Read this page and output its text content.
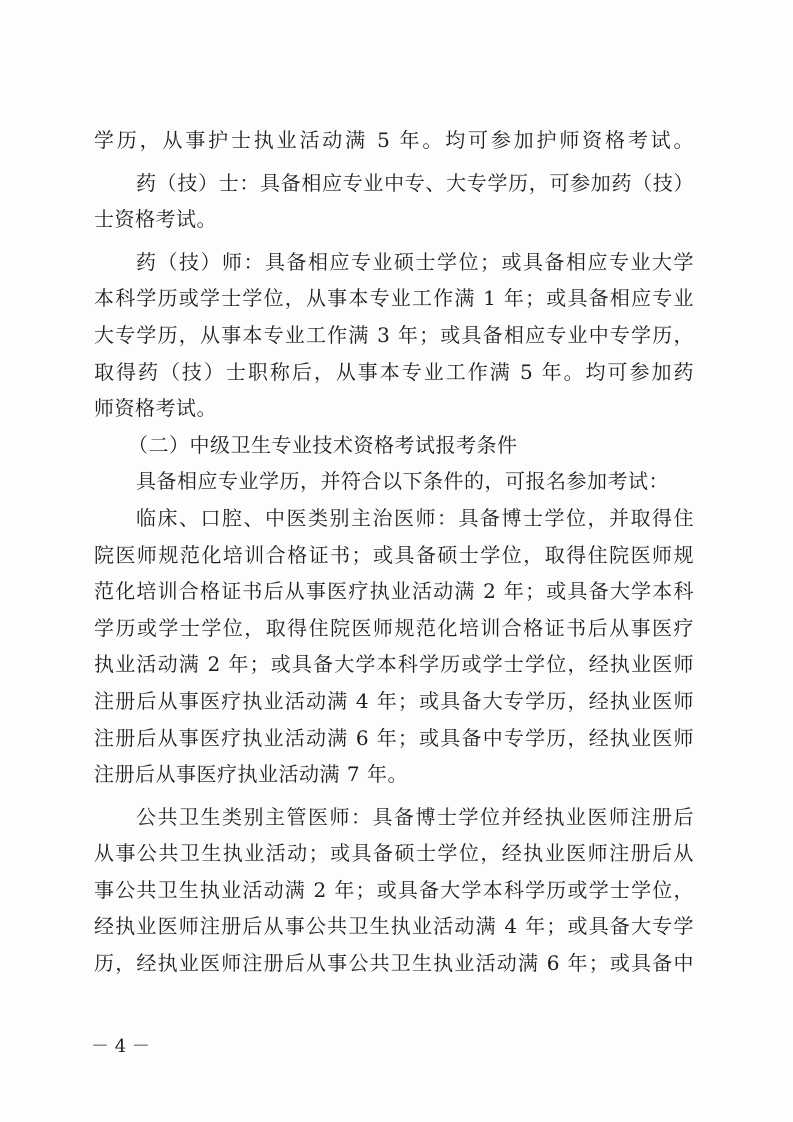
学历，从事护士执业活动满 5 年。均可参加护师资格考试。
药（技）士：具备相应专业中专、大专学历，可参加药（技）
士资格考试。
药（技）师：具备相应专业硕士学位；或具备相应专业大学
本科学历或学士学位，从事本专业工作满 1 年；或具备相应专业
大专学历，从事本专业工作满 3 年；或具备相应专业中专学历，
取得药（技）士职称后，从事本专业工作满 5 年。均可参加药
师资格考试。
（二）中级卫生专业技术资格考试报考条件
具备相应专业学历，并符合以下条件的，可报名参加考试：
临床、口腔、中医类别主治医师：具备博士学位，并取得住
院医师规范化培训合格证书；或具备硕士学位，取得住院医师规
范化培训合格证书后从事医疗执业活动满 2 年；或具备大学本科
学历或学士学位，取得住院医师规范化培训合格证书后从事医疗
执业活动满 2 年；或具备大学本科学历或学士学位，经执业医师
注册后从事医疗执业活动满 4 年；或具备大专学历，经执业医师
注册后从事医疗执业活动满 6 年；或具备中专学历，经执业医师
注册后从事医疗执业活动满 7 年。
公共卫生类别主管医师：具备博士学位并经执业医师注册后
从事公共卫生执业活动；或具备硕士学位，经执业医师注册后从
事公共卫生执业活动满 2 年；或具备大学本科学历或学士学位，
经执业医师注册后从事公共卫生执业活动满 4 年；或具备大专学
历，经执业医师注册后从事公共卫生执业活动满 6 年；或具备中
－ 4 －
